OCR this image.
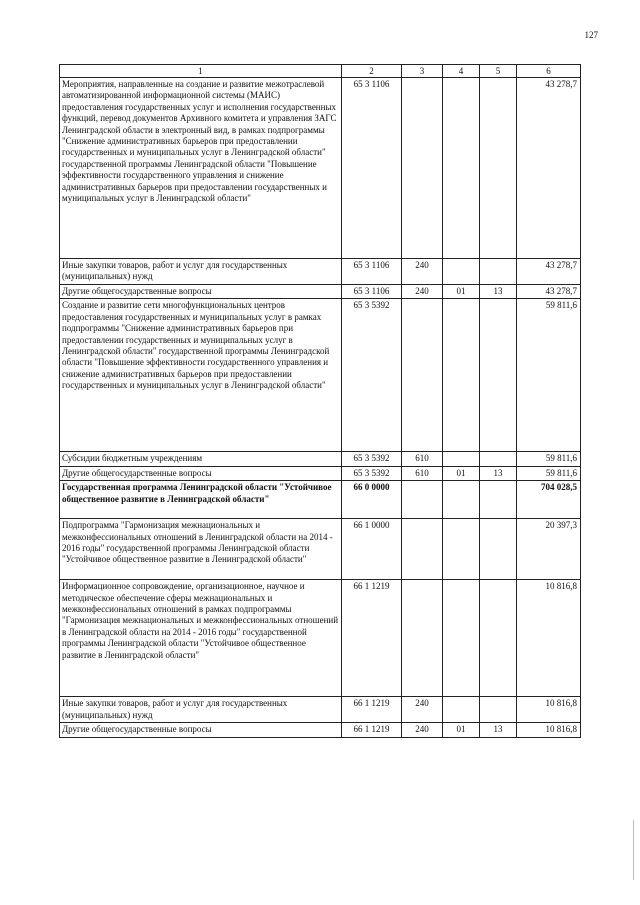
127
1	2	3	4	5	6
Мероприятия, направленные на создание и развитие межотраслевой автоматизированной информационной системы (МАИС) предоставления государственных услуг и исполнения государственных функций, перевод документов Архивного комитета и управления ЗАГС Ленинградской области в электронный вид, в рамках подпрограммы "Снижение административных барьеров при предоставлении государственных и муниципальных услуг в Ленинградской области" государственной программы Ленинградской области "Повышение эффективности государственного управления и снижение административных барьеров при предоставлении государственных и муниципальных услуг в Ленинградской области"	65 3 1106				43 278,7
Иные закупки товаров, работ и услуг для государственных (муниципальных) нужд	65 3 1106	240			43 278,7
Другие общегосударственные вопросы	65 3 1106	240	01	13	43 278,7
Создание и развитие сети многофункциональных центров предоставления государственных и муниципальных услуг в рамках подпрограммы "Снижение административных барьеров при предоставлении государственных и муниципальных услуг в Ленинградской области" государственной программы Ленинградской области "Повышение эффективности государственного управления и снижение административных барьеров при предоставлении государственных и муниципальных услуг в Ленинградской области"	65 3 5392				59 811,6
Субсидии бюджетным учреждениям	65 3 5392	610			59 811,6
Другие общегосударственные вопросы	65 3 5392	610	01	13	59 811,6
Государственная программа Ленинградской области "Устойчивое общественное развитие в Ленинградской области"	66 0 0000				704 028,5
Подпрограмма "Гармонизация межнациональных и межконфессиональных отношений в Ленинградской области на 2014 - 2016 годы" государственной программы Ленинградской области "Устойчивое общественное развитие в Ленинградской области"	66 1 0000				20 397,3
Информационное сопровождение, организационное, научное и методическое обеспечение сферы межнациональных и межконфессиональных отношений в рамках подпрограммы "Гармонизация межнациональных и межконфессиональных отношений в Ленинградской области на 2014 - 2016 годы" государственной программы Ленинградской области "Устойчивое общественное развитие в Ленинградской области"	66 1 1219				10 816,8
Иные закупки товаров, работ и услуг для государственных (муниципальных) нужд	66 1 1219	240			10 816,8
Другие общегосударственные вопросы	66 1 1219	240	01	13	10 816,8
